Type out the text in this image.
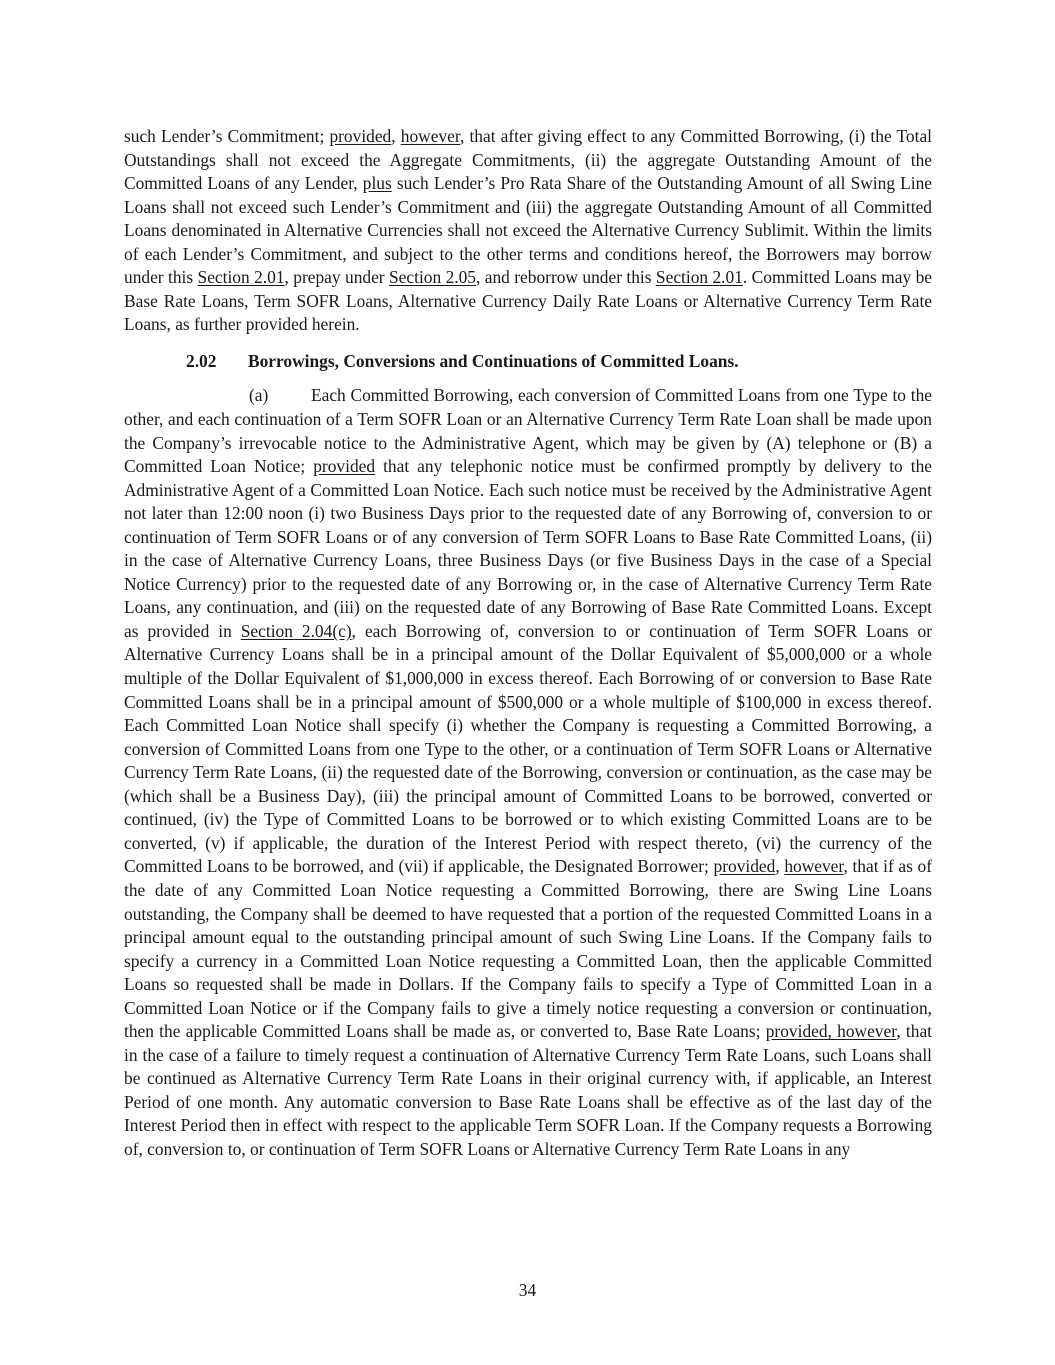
such Lender’s Commitment; provided, however, that after giving effect to any Committed Borrowing, (i) the Total Outstandings shall not exceed the Aggregate Commitments, (ii) the aggregate Outstanding Amount of the Committed Loans of any Lender, plus such Lender’s Pro Rata Share of the Outstanding Amount of all Swing Line Loans shall not exceed such Lender’s Commitment and (iii) the aggregate Outstanding Amount of all Committed Loans denominated in Alternative Currencies shall not exceed the Alternative Currency Sublimit. Within the limits of each Lender’s Commitment, and subject to the other terms and conditions hereof, the Borrowers may borrow under this Section 2.01, prepay under Section 2.05, and reborrow under this Section 2.01. Committed Loans may be Base Rate Loans, Term SOFR Loans, Alternative Currency Daily Rate Loans or Alternative Currency Term Rate Loans, as further provided herein.

2.02 Borrowings, Conversions and Continuations of Committed Loans.

(a) Each Committed Borrowing, each conversion of Committed Loans from one Type to the other, and each continuation of a Term SOFR Loan or an Alternative Currency Term Rate Loan shall be made upon the Company’s irrevocable notice to the Administrative Agent, which may be given by (A) telephone or (B) a Committed Loan Notice; provided that any telephonic notice must be confirmed promptly by delivery to the Administrative Agent of a Committed Loan Notice. Each such notice must be received by the Administrative Agent not later than 12:00 noon (i) two Business Days prior to the requested date of any Borrowing of, conversion to or continuation of Term SOFR Loans or of any conversion of Term SOFR Loans to Base Rate Committed Loans, (ii) in the case of Alternative Currency Loans, three Business Days (or five Business Days in the case of a Special Notice Currency) prior to the requested date of any Borrowing or, in the case of Alternative Currency Term Rate Loans, any continuation, and (iii) on the requested date of any Borrowing of Base Rate Committed Loans. Except as provided in Section 2.04(c), each Borrowing of, conversion to or continuation of Term SOFR Loans or Alternative Currency Loans shall be in a principal amount of the Dollar Equivalent of $5,000,000 or a whole multiple of the Dollar Equivalent of $1,000,000 in excess thereof. Each Borrowing of or conversion to Base Rate Committed Loans shall be in a principal amount of $500,000 or a whole multiple of $100,000 in excess thereof. Each Committed Loan Notice shall specify (i) whether the Company is requesting a Committed Borrowing, a conversion of Committed Loans from one Type to the other, or a continuation of Term SOFR Loans or Alternative Currency Term Rate Loans, (ii) the requested date of the Borrowing, conversion or continuation, as the case may be (which shall be a Business Day), (iii) the principal amount of Committed Loans to be borrowed, converted or continued, (iv) the Type of Committed Loans to be borrowed or to which existing Committed Loans are to be converted, (v) if applicable, the duration of the Interest Period with respect thereto, (vi) the currency of the Committed Loans to be borrowed, and (vii) if applicable, the Designated Borrower; provided, however, that if as of the date of any Committed Loan Notice requesting a Committed Borrowing, there are Swing Line Loans outstanding, the Company shall be deemed to have requested that a portion of the requested Committed Loans in a principal amount equal to the outstanding principal amount of such Swing Line Loans. If the Company fails to specify a currency in a Committed Loan Notice requesting a Committed Loan, then the applicable Committed Loans so requested shall be made in Dollars. If the Company fails to specify a Type of Committed Loan in a Committed Loan Notice or if the Company fails to give a timely notice requesting a conversion or continuation, then the applicable Committed Loans shall be made as, or converted to, Base Rate Loans; provided, however, that in the case of a failure to timely request a continuation of Alternative Currency Term Rate Loans, such Loans shall be continued as Alternative Currency Term Rate Loans in their original currency with, if applicable, an Interest Period of one month. Any automatic conversion to Base Rate Loans shall be effective as of the last day of the Interest Period then in effect with respect to the applicable Term SOFR Loan. If the Company requests a Borrowing of, conversion to, or continuation of Term SOFR Loans or Alternative Currency Term Rate Loans in any

34
